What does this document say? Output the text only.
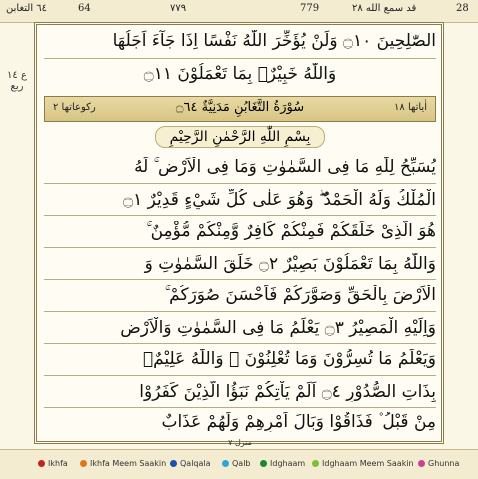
٦٤ التغابن	64	٧٧٩	779	قد سمع الله ٢٨	28
ع ١٤
ربع
الصّٰلِحِينَ ۝١٠ وَلَنْ يُؤَخِّرَ اللّٰهُ نَفْسًا اِذَا جَآءَ اَجَلُهَا
وَاللّٰهُ خَبِيْرٌۢ بِمَا تَعْمَلُوْنَ ۝١١
اٰياتها ١٨
سُوْرَةُ التَّغَابُنِ مَدَنِيَّةٌ ۝٦٤
ركوعاتها ٢
بِسْمِ اللّٰهِ الرَّحْمٰنِ الرَّحِيْمِ
يُسَبِّحُ لِلّٰهِ مَا فِى السَّمٰوٰتِ وَمَا فِى الْاَرْضِ ۚ لَهُ
الْمُلْكُ وَلَهُ الْحَمْدُ ۖ وَهُوَ عَلٰى كُلِّ شَيْءٍ قَدِيْرٌ ۝١
هُوَ الَّذِىْ خَلَقَكُمْ فَمِنْكُمْ كَافِرٌ وَّمِنْكُمْ مُّؤْمِنٌ ۚ
وَاللّٰهُ بِمَا تَعْمَلُوْنَ بَصِيْرٌ ۝٢ خَلَقَ السَّمٰوٰتِ وَ
الْاَرْضَ بِالْحَقِّ وَصَوَّرَكُمْ فَاَحْسَنَ صُوَرَكُمْ ۚ
وَاِلَيْهِ الْمَصِيْرُ ۝٣ يَعْلَمُ مَا فِى السَّمٰوٰتِ وَالْاَرْضِ
وَيَعْلَمُ مَا تُسِرُّوْنَ وَمَا تُعْلِنُوْنَ ۚ وَاللّٰهُ عَلِيْمٌۢ
بِذَاتِ الصُّدُوْرِ ۝٤ اَلَمْ يَاْتِكُمْ نَبَؤُا الَّذِيْنَ كَفَرُوْا
مِنْ قَبْلُ ۫ فَذَاقُوْا وَبَالَ اَمْرِهِمْ وَلَهُمْ عَذَابٌ
منزل ٧
Ikhfa	Ikhfa Meem Saakin	Qalqala	Qalb	Idghaam	Idghaam Meem Saakin	Ghunna
